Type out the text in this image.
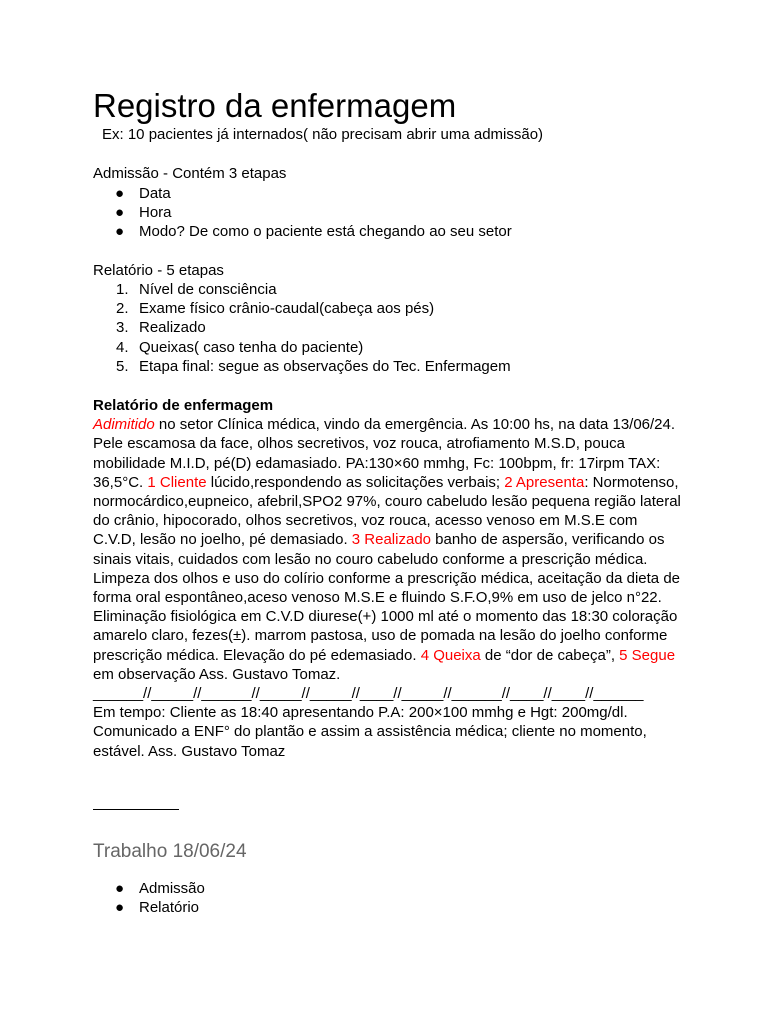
Registro da enfermagem
Ex: 10 pacientes já internados( não precisam abrir uma admissão)
Admissão - Contém 3 etapas
● Data
● Hora
● Modo? De como o paciente está chegando ao seu setor
Relatório - 5 etapas
1. Nível de consciência
2. Exame físico crânio-caudal(cabeça aos pés)
3. Realizado
4. Queixas( caso tenha do paciente)
5. Etapa final: segue as observações do Tec. Enfermagem

Relatório de enfermagem

Adimitido no setor Clínica médica, vindo da emergência. As 10:00 hs, na data 13/06/24. Pele escamosa da face, olhos secretivos, voz rouca, atrofiamento M.S.D, pouca mobilidade M.I.D, pé(D) edamasiado. PA:130×60 mmhg, Fc: 100bpm, fr: 17irpm TAX: 36,5°C. 1 Cliente lúcido,respondendo as solicitações verbais; 2 Apresenta: Normotenso, normocárdico,eupneico, afebril,SPO2 97%, couro cabeludo lesão pequena região lateral do crânio, hipocorado, olhos secretivos, voz rouca, acesso venoso em M.S.E com C.V.D, lesão no joelho, pé demasiado. 3 Realizado banho de aspersão, verificando os sinais vitais, cuidados com lesão no couro cabeludo conforme a prescrição médica. Limpeza dos olhos e uso do colírio conforme a prescrição médica, aceitação da dieta de forma oral espontâneo,aceso venoso M.S.E e fluindo S.F.O,9% em uso de jelco n°22. Eliminação fisiológica em C.V.D diurese(+) 1000 ml até o momento das 18:30 coloração amarelo claro, fezes(±). marrom pastosa, uso de pomada na lesão do joelho conforme prescrição médica. Elevação do pé edemasiado. 4 Queixa de “dor de cabeça”, 5 Segue em observação Ass. Gustavo Tomaz.

______//_____//______//_____//_____//____//_____//______//____//____//______

Em tempo: Cliente as 18:40 apresentando P.A: 200×100 mmhg e Hgt: 200mg/dl. Comunicado a ENF° do plantão e assim a assistência médica; cliente no momento, estável. Ass. Gustavo Tomaz

Trabalho 18/06/24
● Admissão
● Relatório
